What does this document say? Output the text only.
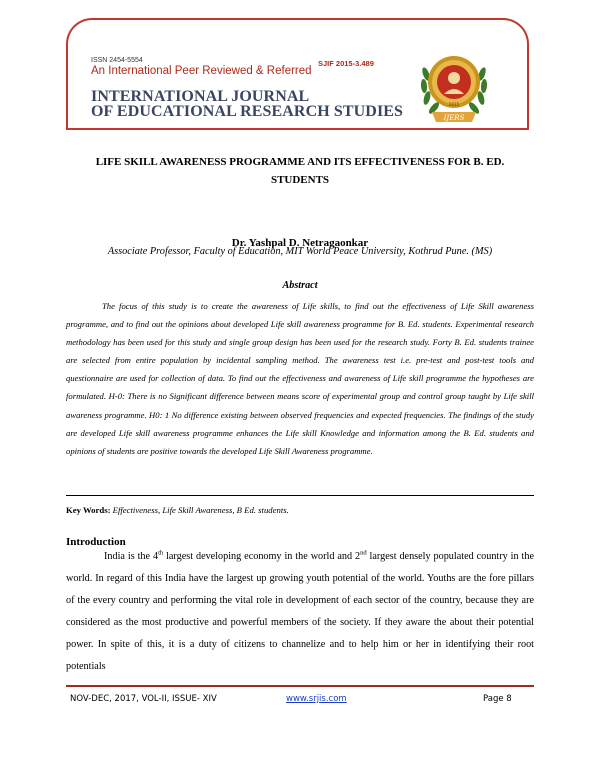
ISSN 2454-5554
An International Peer Reviewed & Referred
SJIF 2015-3.489
INTERNATIONAL JOURNAL
OF EDUCATIONAL RESEARCH STUDIES	2015
IJERS
LIFE SKILL AWARENESS PROGRAMME AND ITS EFFECTIVENESS FOR B. ED.
STUDENTS
Dr. Yashpal D. Netragaonkar
Associate Professor, Faculty of Education, MIT World Peace University, Kothrud Pune. (MS)
Abstract
The focus of this study is to create the awareness of Life skills, to find out the effectiveness of Life Skill awareness programme, and to find out the opinions about developed Life skill awareness programme for B. Ed. students. Experimental research methodology has been used for this study and single group design has been used for the research study. Forty B. Ed. students trainee are selected from entire population by incidental sampling method. The awareness test i.e. pre-test and post-test tools and questionnaire are used for collection of data. To find out the effectiveness and awareness of Life skill programme the hypotheses are formulated. H-0: There is no Significant difference between means score of experimental group and control group taught by Life skill awareness programme. H0: 1 No difference existing between observed frequencies and expected frequencies. The findings of the study are developed Life skill awareness programme enhances the Life skill Knowledge and information among the B. Ed. students and opinions of students are positive towards the developed Life Skill Awareness programme.
Key Words: Effectiveness, Life Skill Awareness, B Ed. students.
Introduction
India is the 4th largest developing economy in the world and 2nd largest densely populated country in the world. In regard of this India have the largest up growing youth potential of the world. Youths are the fore pillars of the every country and performing the vital role in development of each sector of the country, because they are considered as the most productive and powerful members of the society. If they aware the about their potential power. In spite of this, it is a duty of citizens to channelize and to help him or her in identifying their root potentials
NOV-DEC, 2017, VOL-II, ISSUE- XIV	www.srjis.com	Page 8
